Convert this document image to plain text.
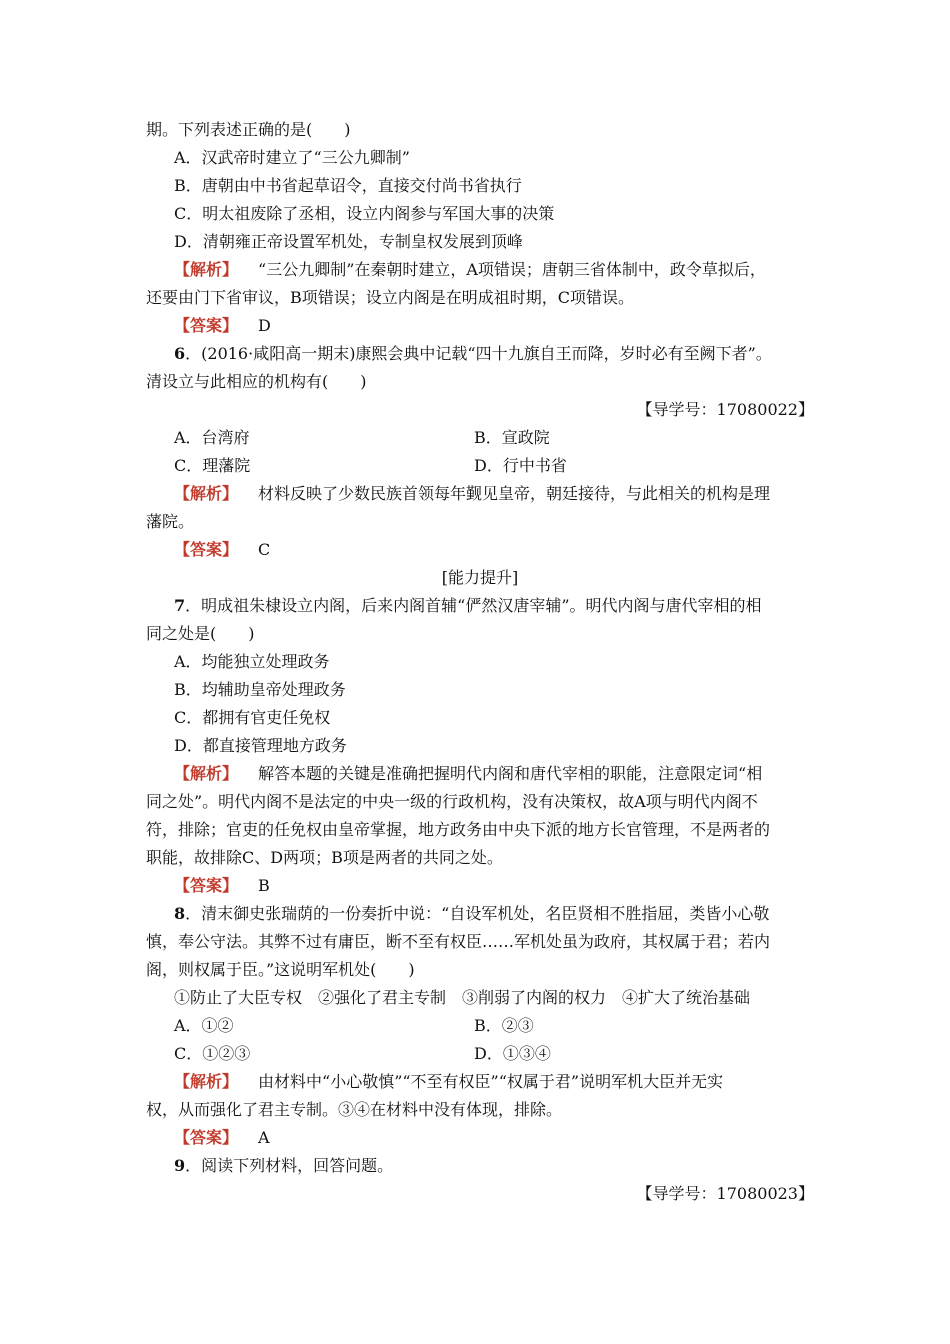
期。下列表述正确的是(　　)
A．汉武帝时建立了“三公九卿制”
B．唐朝由中书省起草诏令，直接交付尚书省执行
C．明太祖废除了丞相，设立内阁参与军国大事的决策
D．清朝雍正帝设置军机处，专制皇权发展到顶峰
【解析】 “三公九卿制”在秦朝时建立，A项错误；唐朝三省体制中，政令草拟后，
还要由门下省审议，B项错误；设立内阁是在明成祖时期，C项错误。
【答案】 D
6．(2016·咸阳高一期末)康熙会典中记载“四十九旗自王而降，岁时必有至阙下者”。
清设立与此相应的机构有(　　)
【导学号：17080022】
A．台湾府	B．宣政院
C．理藩院	D．行中书省
【解析】 材料反映了少数民族首领每年觐见皇帝，朝廷接待，与此相关的机构是理
藩院。
【答案】 C
[能力提升]
7．明成祖朱棣设立内阁，后来内阁首辅“俨然汉唐宰辅”。明代内阁与唐代宰相的相
同之处是(　　)
A．均能独立处理政务
B．均辅助皇帝处理政务
C．都拥有官吏任免权
D．都直接管理地方政务
【解析】 解答本题的关键是准确把握明代内阁和唐代宰相的职能，注意限定词“相
同之处”。明代内阁不是法定的中央一级的行政机构，没有决策权，故A项与明代内阁不
符，排除；官吏的任免权由皇帝掌握，地方政务由中央下派的地方长官管理，不是两者的
职能，故排除C、D两项；B项是两者的共同之处。
【答案】 B
8．清末御史张瑞荫的一份奏折中说：“自设军机处，名臣贤相不胜指屈，类皆小心敬
慎，奉公守法。其弊不过有庸臣，断不至有权臣……军机处虽为政府，其权属于君；若内
阁，则权属于臣。”这说明军机处(　　)
①防止了大臣专权　②强化了君主专制　③削弱了内阁的权力　④扩大了统治基础
A．①②	B．②③
C．①②③	D．①③④
【解析】 由材料中“小心敬慎”“不至有权臣”“权属于君”说明军机大臣并无实
权，从而强化了君主专制。③④在材料中没有体现，排除。
【答案】 A
9．阅读下列材料，回答问题。
【导学号：17080023】
